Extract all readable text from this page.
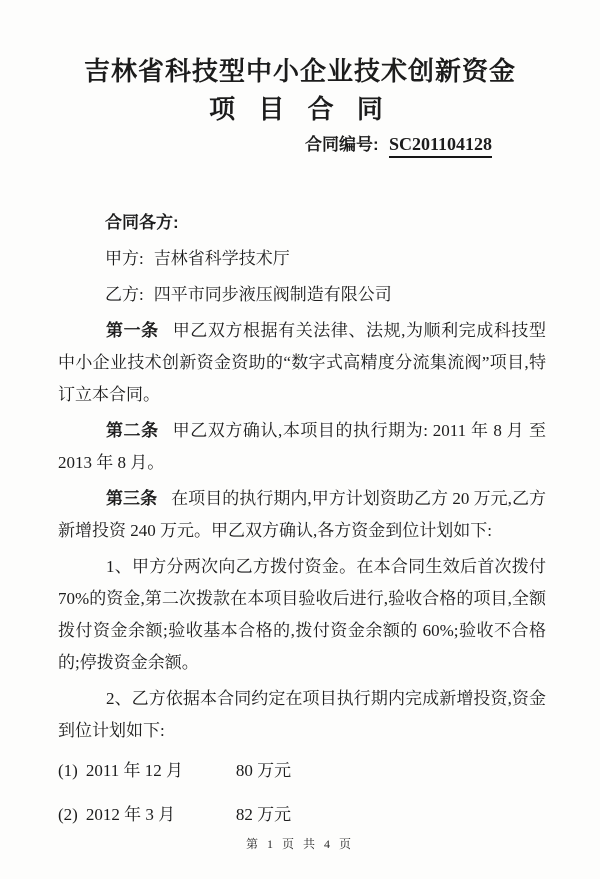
吉林省科技型中小企业技术创新资金
项 目 合 同
合同编号: SC201104128

合同各方:

甲方: 吉林省科学技术厅

乙方: 四平市同步液压阀制造有限公司

第一条 甲乙双方根据有关法律、法规,为顺利完成科技型中小企业技术创新资金资助的“数字式高精度分流集流阀”项目,特订立本合同。

第二条 甲乙双方确认,本项目的执行期为: 2011 年 8 月 至 2013 年 8 月。

第三条 在项目的执行期内,甲方计划资助乙方 20 万元,乙方新增投资 240 万元。甲乙双方确认,各方资金到位计划如下:

1、甲方分两次向乙方拨付资金。在本合同生效后首次拨付 70%的资金,第二次拨款在本项目验收后进行,验收合格的项目,全额拨付资金余额;验收基本合格的,拨付资金余额的 60%;验收不合格的;停拨资金余额。

2、乙方依据本合同约定在项目执行期内完成新增投资,资金到位计划如下:

(1) 2011 年 12 月	80 万元

(2) 2012 年 3 月	82 万元

第 1 页 共 4 页
